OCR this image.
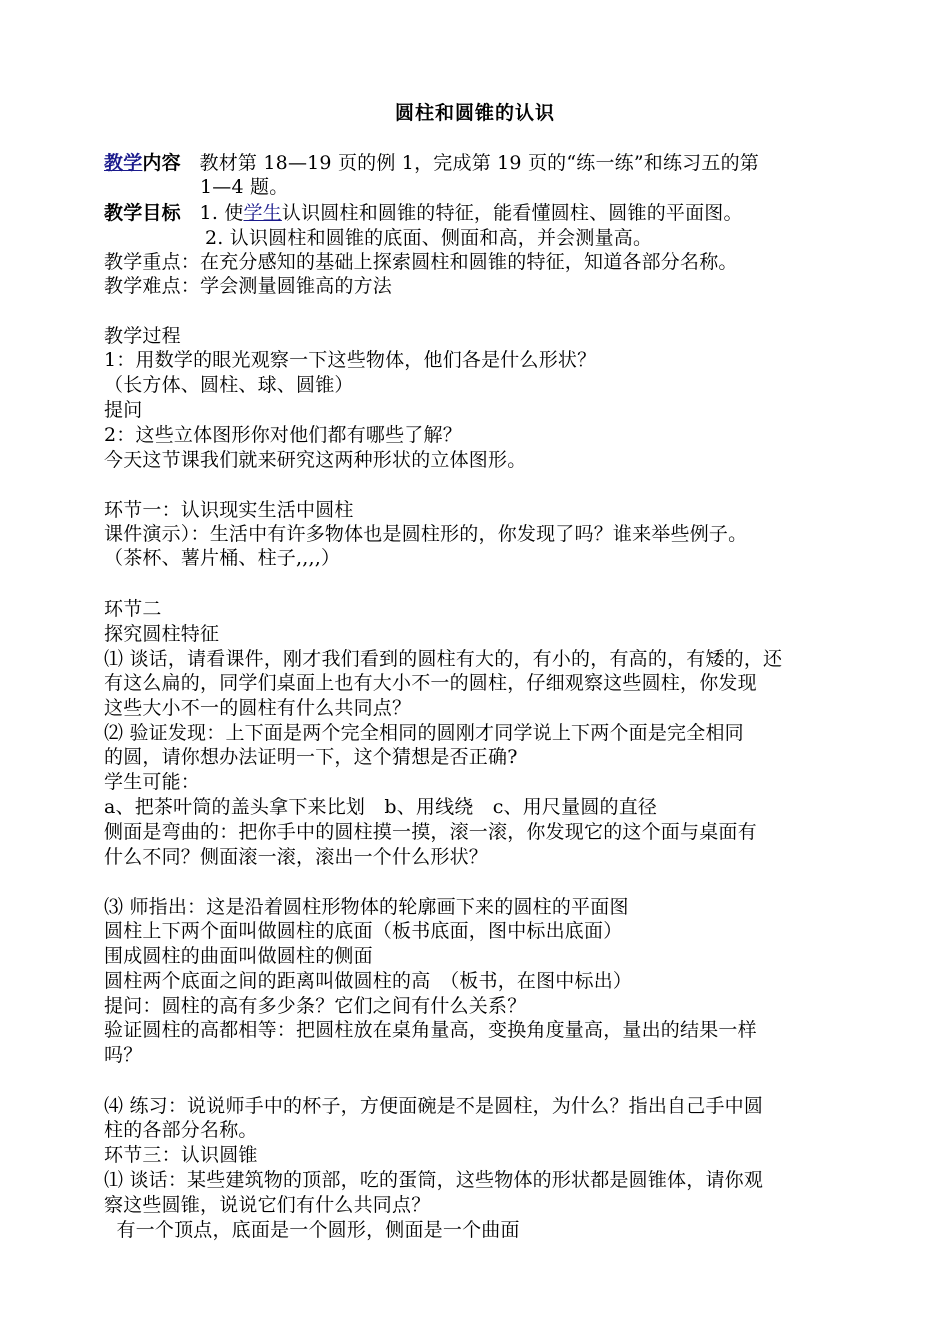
圆柱和圆锥的认识
教学内容 教材第 18—19 页的例 1，完成第 19 页的“练一练”和练习五的第
1—4 题。
教学目标 1. 使学生认识圆柱和圆锥的特征，能看懂圆柱、圆锥的平面图。
2. 认识圆柱和圆锥的底面、侧面和高，并会测量高。
教学重点：在充分感知的基础上探索圆柱和圆锥的特征，知道各部分名称。
教学难点：学会测量圆锥高的方法
教学过程
1：用数学的眼光观察一下这些物体，他们各是什么形状？
（长方体、圆柱、球、圆锥）
提问
2：这些立体图形你对他们都有哪些了解？
今天这节课我们就来研究这两种形状的立体图形。
环节一：认识现实生活中圆柱
课件演示）：生活中有许多物体也是圆柱形的，你发现了吗？谁来举些例子。
（茶杯、薯片桶、柱子,,,,）
环节二
探究圆柱特征
⑴ 谈话，请看课件，刚才我们看到的圆柱有大的，有小的，有高的，有矮的，还
有这么扁的，同学们桌面上也有大小不一的圆柱，仔细观察这些圆柱，你发现
这些大小不一的圆柱有什么共同点？
⑵ 验证发现：上下面是两个完全相同的圆刚才同学说上下两个面是完全相同
的圆，请你想办法证明一下，这个猜想是否正确?
学生可能：
a、把茶叶筒的盖头拿下来比划　b、用线绕　c、用尺量圆的直径
侧面是弯曲的：把你手中的圆柱摸一摸，滚一滚，你发现它的这个面与桌面有
什么不同？侧面滚一滚，滚出一个什么形状？
⑶ 师指出：这是沿着圆柱形物体的轮廓画下来的圆柱的平面图
圆柱上下两个面叫做圆柱的底面（板书底面，图中标出底面）
围成圆柱的曲面叫做圆柱的侧面
圆柱两个底面之间的距离叫做圆柱的高　（板书，在图中标出）
提问：圆柱的高有多少条？它们之间有什么关系？
验证圆柱的高都相等：把圆柱放在桌角量高，变换角度量高，量出的结果一样
吗？
⑷ 练习：说说师手中的杯子，方便面碗是不是圆柱，为什么？指出自己手中圆
柱的各部分名称。
环节三：认识圆锥
⑴ 谈话：某些建筑物的顶部，吃的蛋筒，这些物体的形状都是圆锥体，请你观
察这些圆锥，说说它们有什么共同点？
有一个顶点，底面是一个圆形，侧面是一个曲面
